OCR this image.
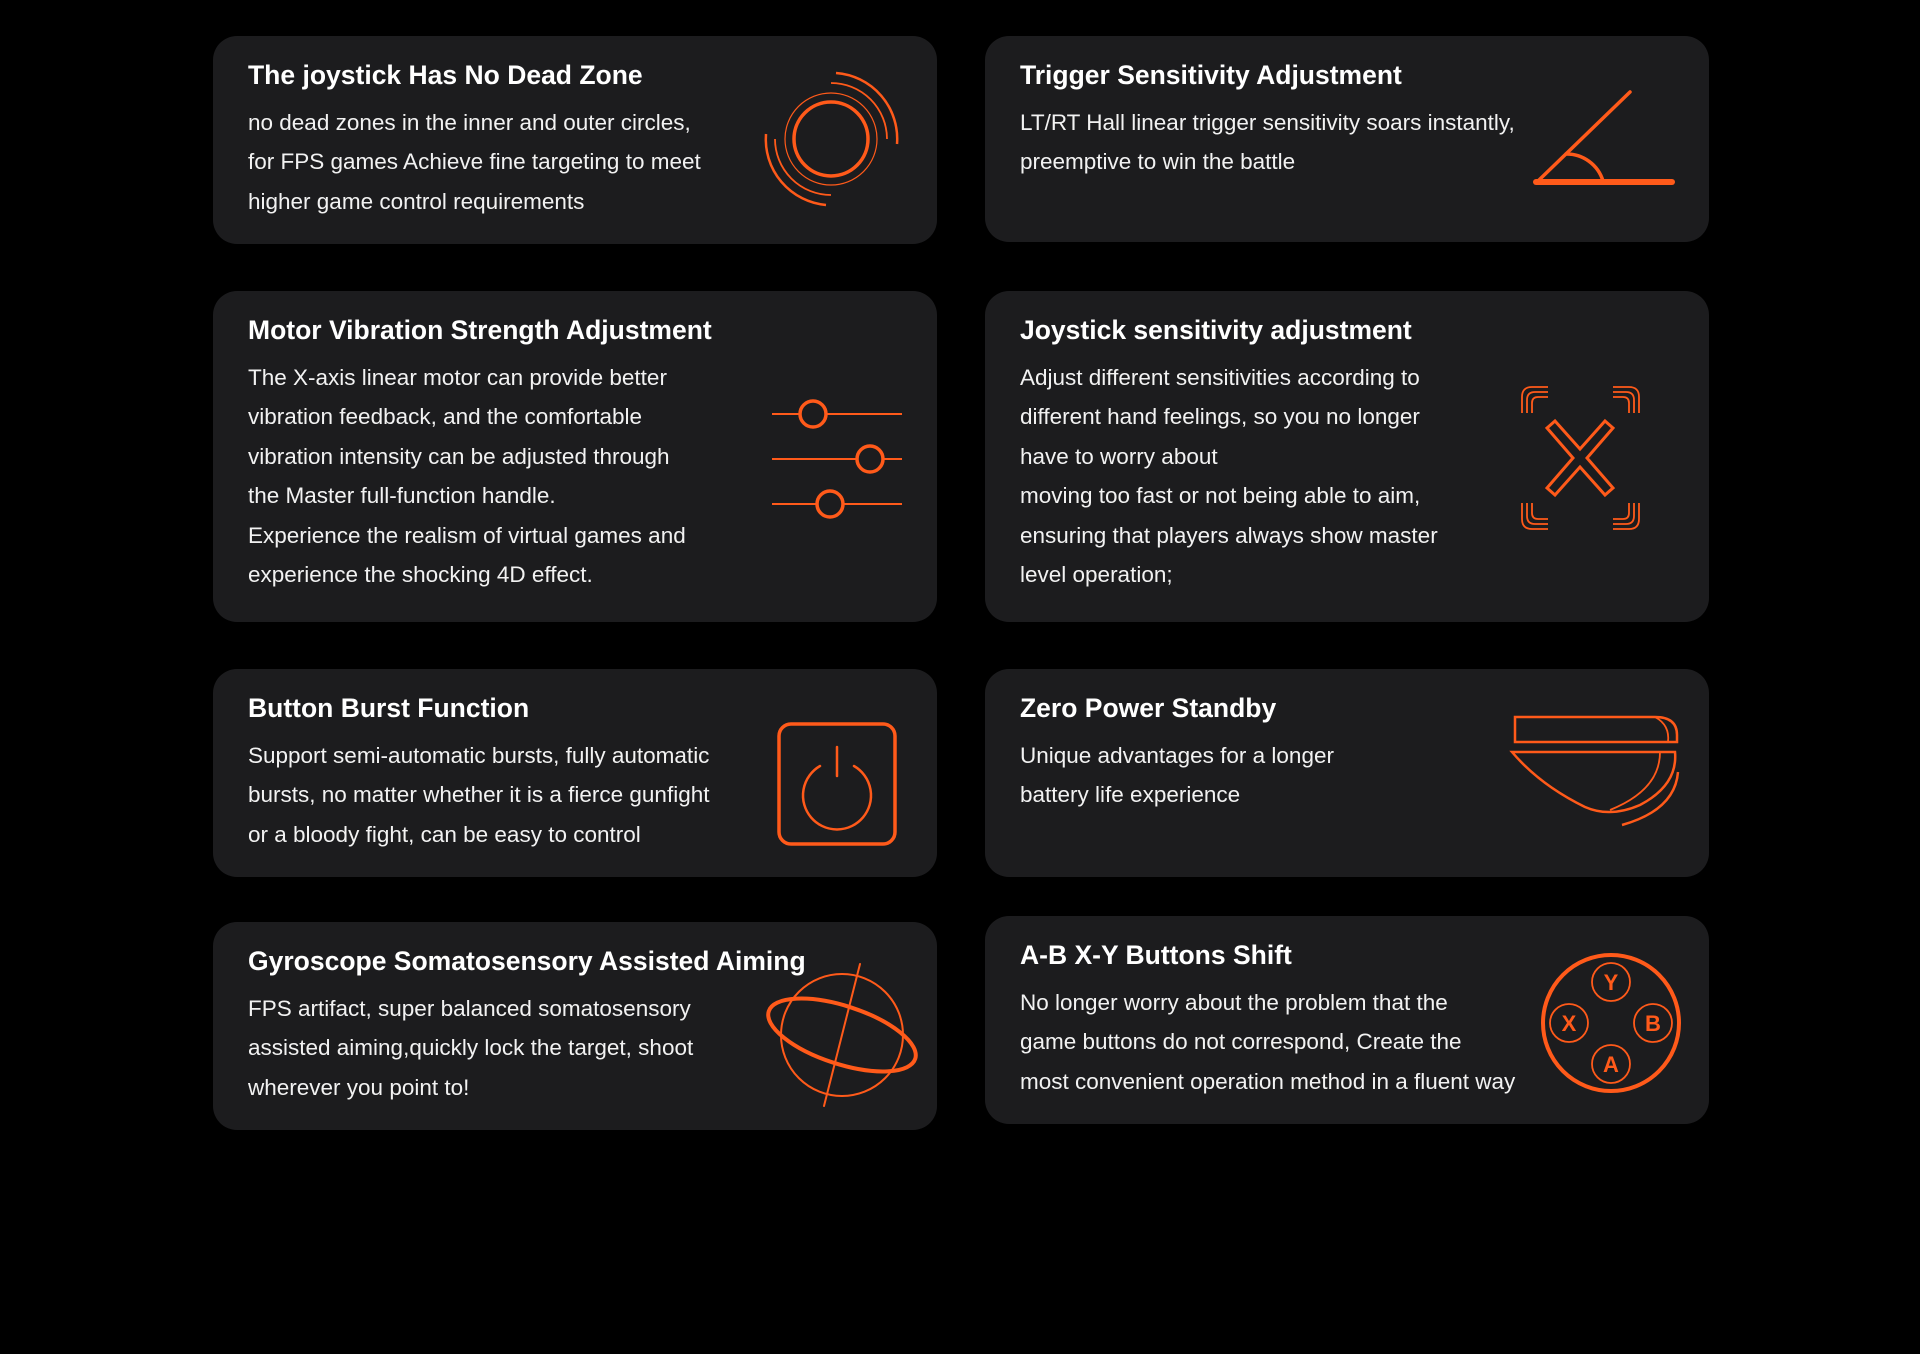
The joystick Has No Dead Zone

no dead zones in the inner and outer circles,
for FPS games Achieve fine targeting to meet
higher game control requirements

Trigger Sensitivity Adjustment

LT/RT Hall linear trigger sensitivity soars instantly,
preemptive to win the battle

Motor Vibration Strength Adjustment

The X-axis linear motor can provide better
vibration feedback, and the comfortable
vibration intensity can be adjusted through
the Master full-function handle.
Experience the realism of virtual games and
experience the shocking 4D effect.

Joystick sensitivity adjustment

Adjust different sensitivities according to
different hand feelings, so you no longer
have to worry about
moving too fast or not being able to aim,
ensuring that players always show master
level operation;

Button Burst Function

Support semi-automatic bursts, fully automatic
bursts, no matter whether it is a fierce gunfight
or a bloody fight, can be easy to control

Zero Power Standby

Unique advantages for a longer
battery life experience

Gyroscope Somatosensory Assisted Aiming

FPS artifact, super balanced somatosensory
assisted aiming,quickly lock the target, shoot
wherever you point to!

A-B X-Y Buttons Shift

No longer worry about the problem that the
game buttons do not correspond, Create the
most convenient operation method in a fluent way

Y
X	B
A
